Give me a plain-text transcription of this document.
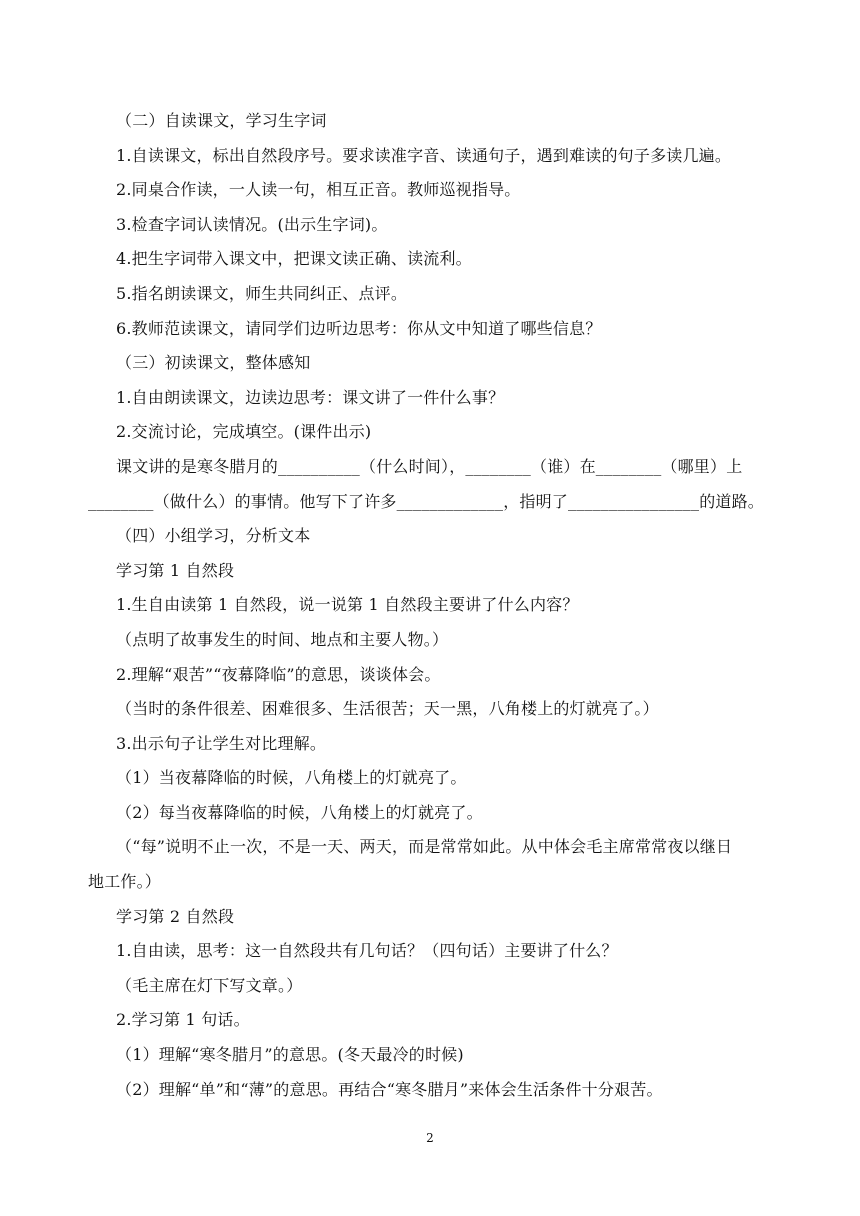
（二）自读课文，学习生字词
1.自读课文，标出自然段序号。要求读准字音、读通句子，遇到难读的句子多读几遍。
2.同桌合作读，一人读一句，相互正音。教师巡视指导。
3.检查字词认读情况。(出示生字词)。
4.把生字词带入课文中，把课文读正确、读流利。
5.指名朗读课文，师生共同纠正、点评。
6.教师范读课文，请同学们边听边思考：你从文中知道了哪些信息？
（三）初读课文，整体感知
1.自由朗读课文，边读边思考：课文讲了一件什么事？
2.交流讨论，完成填空。(课件出示)
课文讲的是寒冬腊月的__________（什么时间），________（谁）在________（哪里）上
________（做什么）的事情。他写下了许多_____________，指明了________________的道路。
（四）小组学习，分析文本
学习第 1 自然段
1.生自由读第 1 自然段，说一说第 1 自然段主要讲了什么内容？
（点明了故事发生的时间、地点和主要人物。）
2.理解“艰苦”“夜幕降临”的意思，谈谈体会。
（当时的条件很差、困难很多、生活很苦；天一黑，八角楼上的灯就亮了。）
3.出示句子让学生对比理解。
（1）当夜幕降临的时候，八角楼上的灯就亮了。
（2）每当夜幕降临的时候，八角楼上的灯就亮了。
（“每”说明不止一次，不是一天、两天，而是常常如此。从中体会毛主席常常夜以继日
地工作。）
学习第 2 自然段
1.自由读，思考：这一自然段共有几句话？（四句话）主要讲了什么？
（毛主席在灯下写文章。）
2.学习第 1 句话。
（1）理解“寒冬腊月”的意思。(冬天最冷的时候)
（2）理解“单”和“薄”的意思。再结合“寒冬腊月”来体会生活条件十分艰苦。
2
